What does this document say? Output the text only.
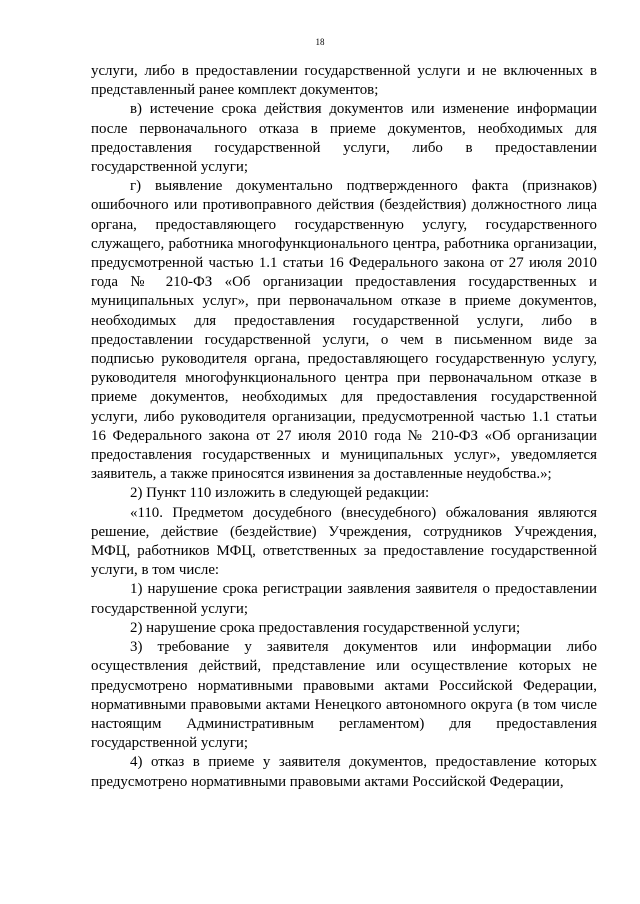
18

услуги, либо в предоставлении государственной услуги и не включенных в представленный ранее комплект документов;

в) истечение срока действия документов или изменение информации после первоначального отказа в приеме документов, необходимых для предоставления государственной услуги, либо в предоставлении государственной услуги;

г) выявление документально подтвержденного факта (признаков) ошибочного или противоправного действия (бездействия) должностного лица органа, предоставляющего государственную услугу, государственного служащего, работника многофункционального центра, работника организации, предусмотренной частью 1.1 статьи 16 Федерального закона от 27 июля 2010 года № 210-ФЗ «Об организации предоставления государственных и муниципальных услуг», при первоначальном отказе в приеме документов, необходимых для предоставления государственной услуги, либо в предоставлении государственной услуги, о чем в письменном виде за подписью руководителя органа, предоставляющего государственную услугу, руководителя многофункционального центра при первоначальном отказе в приеме документов, необходимых для предоставления государственной услуги, либо руководителя организации, предусмотренной частью 1.1 статьи 16 Федерального закона от 27 июля 2010 года № 210-ФЗ «Об организации предоставления государственных и муниципальных услуг», уведомляется заявитель, а также приносятся извинения за доставленные неудобства.»;

2) Пункт 110 изложить в следующей редакции:

«110. Предметом досудебного (внесудебного) обжалования являются решение, действие (бездействие) Учреждения, сотрудников Учреждения, МФЦ, работников МФЦ, ответственных за предоставление государственной услуги, в том числе:

1) нарушение срока регистрации заявления заявителя о предоставлении государственной услуги;

2) нарушение срока предоставления государственной услуги;

3) требование у заявителя документов или информации либо осуществления действий, представление или осуществление которых не предусмотрено нормативными правовыми актами Российской Федерации, нормативными правовыми актами Ненецкого автономного округа (в том числе настоящим Административным регламентом) для предоставления государственной услуги;

4) отказ в приеме у заявителя документов, предоставление которых предусмотрено нормативными правовыми актами Российской Федерации,
